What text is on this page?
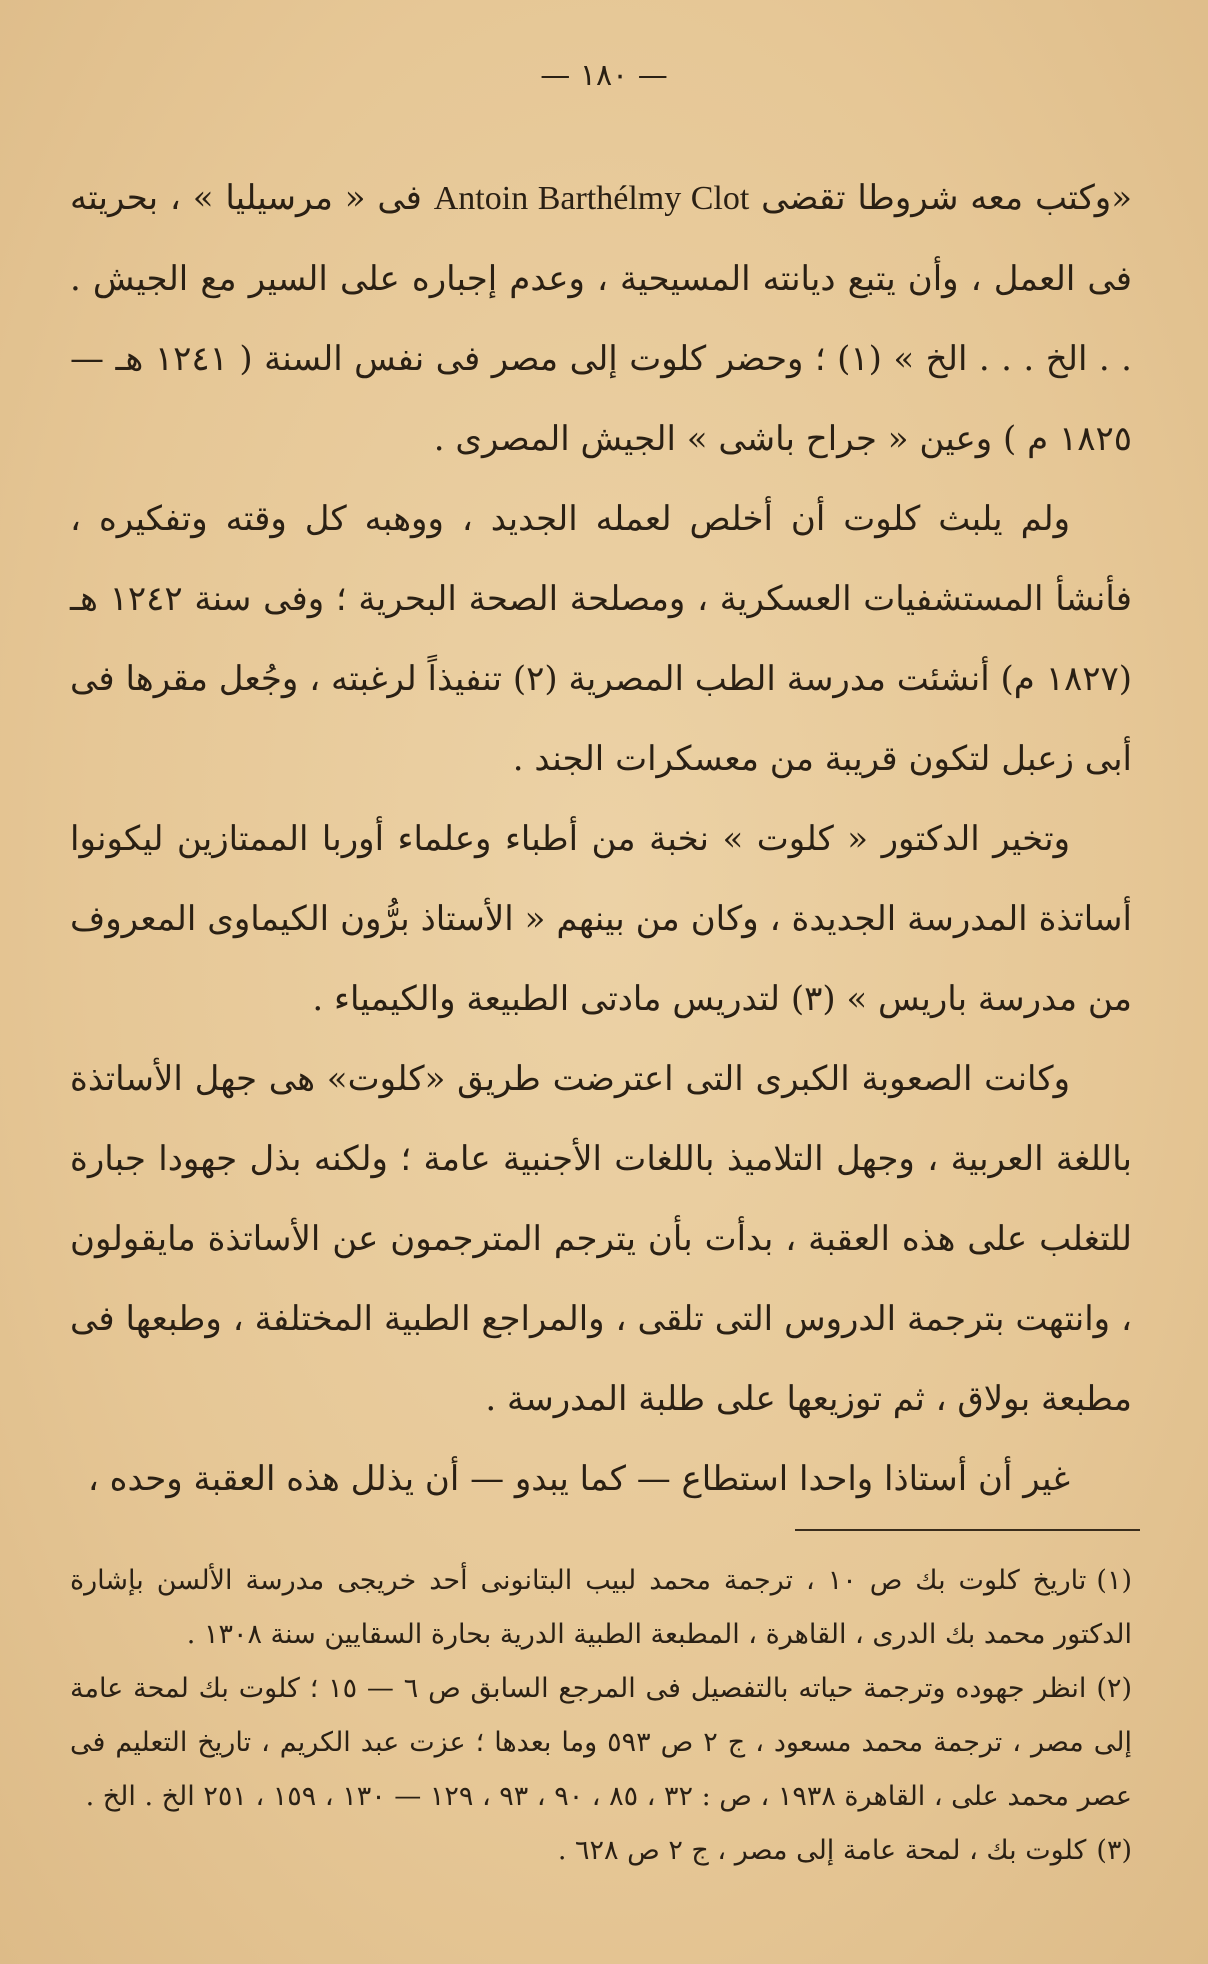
— ١٨٠ —

«وكتب معه شروطا تقضى Antoin Barthélmy Clot فى « مرسيليا » ، بحريته فى العمل ، وأن يتبع ديانته المسيحية ، وعدم إجباره على السير مع الجيش . . . الخ . . . الخ » (١) ؛ وحضر كلوت إلى مصر فى نفس السنة ( ١٢٤١ هـ — ١٨٢٥ م ) وعين « جراح باشى » الجيش المصرى .

ولم يلبث كلوت أن أخلص لعمله الجديد ، ووهبه كل وقته وتفكيره ، فأنشأ المستشفيات العسكرية ، ومصلحة الصحة البحرية ؛ وفى سنة ١٢٤٢ هـ (١٨٢٧ م) أنشئت مدرسة الطب المصرية (٢) تنفيذاً لرغبته ، وجُعل مقرها فى أبى زعبل لتكون قريبة من معسكرات الجند .

وتخير الدكتور « كلوت » نخبة من أطباء وعلماء أوربا الممتازين ليكونوا أساتذة المدرسة الجديدة ، وكان من بينهم « الأستاذ برُّون الكيماوى المعروف من مدرسة باريس » (٣) لتدريس مادتى الطبيعة والكيمياء .

وكانت الصعوبة الكبرى التى اعترضت طريق «كلوت» هى جهل الأساتذة باللغة العربية ، وجهل التلاميذ باللغات الأجنبية عامة ؛ ولكنه بذل جهودا جبارة للتغلب على هذه العقبة ، بدأت بأن يترجم المترجمون عن الأساتذة مايقولون ، وانتهت بترجمة الدروس التى تلقى ، والمراجع الطبية المختلفة ، وطبعها فى مطبعة بولاق ، ثم توزيعها على طلبة المدرسة .

غير أن أستاذا واحدا استطاع — كما يبدو — أن يذلل هذه العقبة وحده ،

(١)تاريخ كلوت بك ص ١٠ ، ترجمة محمد لبيب البتانونى أحد خريجى مدرسة الألسن بإشارة الدكتور محمد بك الدرى ، القاهرة ، المطبعة الطبية الدرية بحارة السقايين سنة ١٣٠٨ .

(٢)انظر جهوده وترجمة حياته بالتفصيل فى المرجع السابق ص ٦ — ١٥ ؛ كلوت بك لمحة عامة إلى مصر ، ترجمة محمد مسعود ، ج ٢ ص ٥٩٣ وما بعدها ؛ عزت عبد الكريم ، تاريخ التعليم فى عصر محمد على ، القاهرة ١٩٣٨ ، ص : ٣٢ ، ٨٥ ، ٩٠ ، ٩٣ ، ١٢٩ — ١٣٠ ، ١٥٩ ، ٢٥١ الخ . الخ .

(٣)كلوت بك ، لمحة عامة إلى مصر ، ج ٢ ص ٦٢٨ .
